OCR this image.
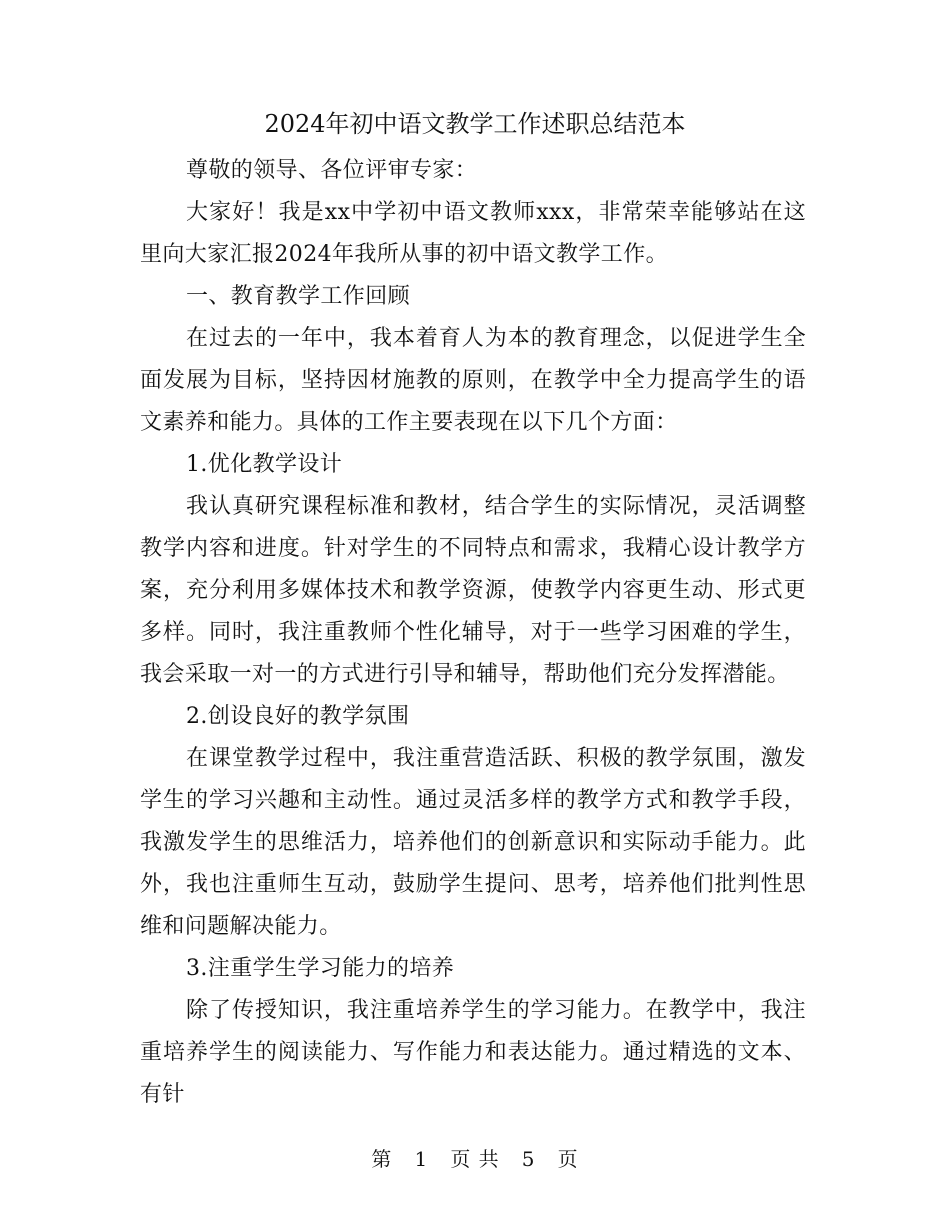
2024年初中语文教学工作述职总结范本

尊敬的领导、各位评审专家：

大家好！我是xx中学初中语文教师xxx，非常荣幸能够站在这里向大家汇报2024年我所从事的初中语文教学工作。

一、教育教学工作回顾

在过去的一年中，我本着育人为本的教育理念，以促进学生全面发展为目标，坚持因材施教的原则，在教学中全力提高学生的语文素养和能力。具体的工作主要表现在以下几个方面：

1.优化教学设计

我认真研究课程标准和教材，结合学生的实际情况，灵活调整教学内容和进度。针对学生的不同特点和需求，我精心设计教学方案，充分利用多媒体技术和教学资源，使教学内容更生动、形式更多样。同时，我注重教师个性化辅导，对于一些学习困难的学生，我会采取一对一的方式进行引导和辅导，帮助他们充分发挥潜能。

2.创设良好的教学氛围

在课堂教学过程中，我注重营造活跃、积极的教学氛围，激发学生的学习兴趣和主动性。通过灵活多样的教学方式和教学手段，我激发学生的思维活力，培养他们的创新意识和实际动手能力。此外，我也注重师生互动，鼓励学生提问、思考，培养他们批判性思维和问题解决能力。

3.注重学生学习能力的培养

除了传授知识，我注重培养学生的学习能力。在教学中，我注重培养学生的阅读能力、写作能力和表达能力。通过精选的文本、有针

第 1 页 共 5 页
